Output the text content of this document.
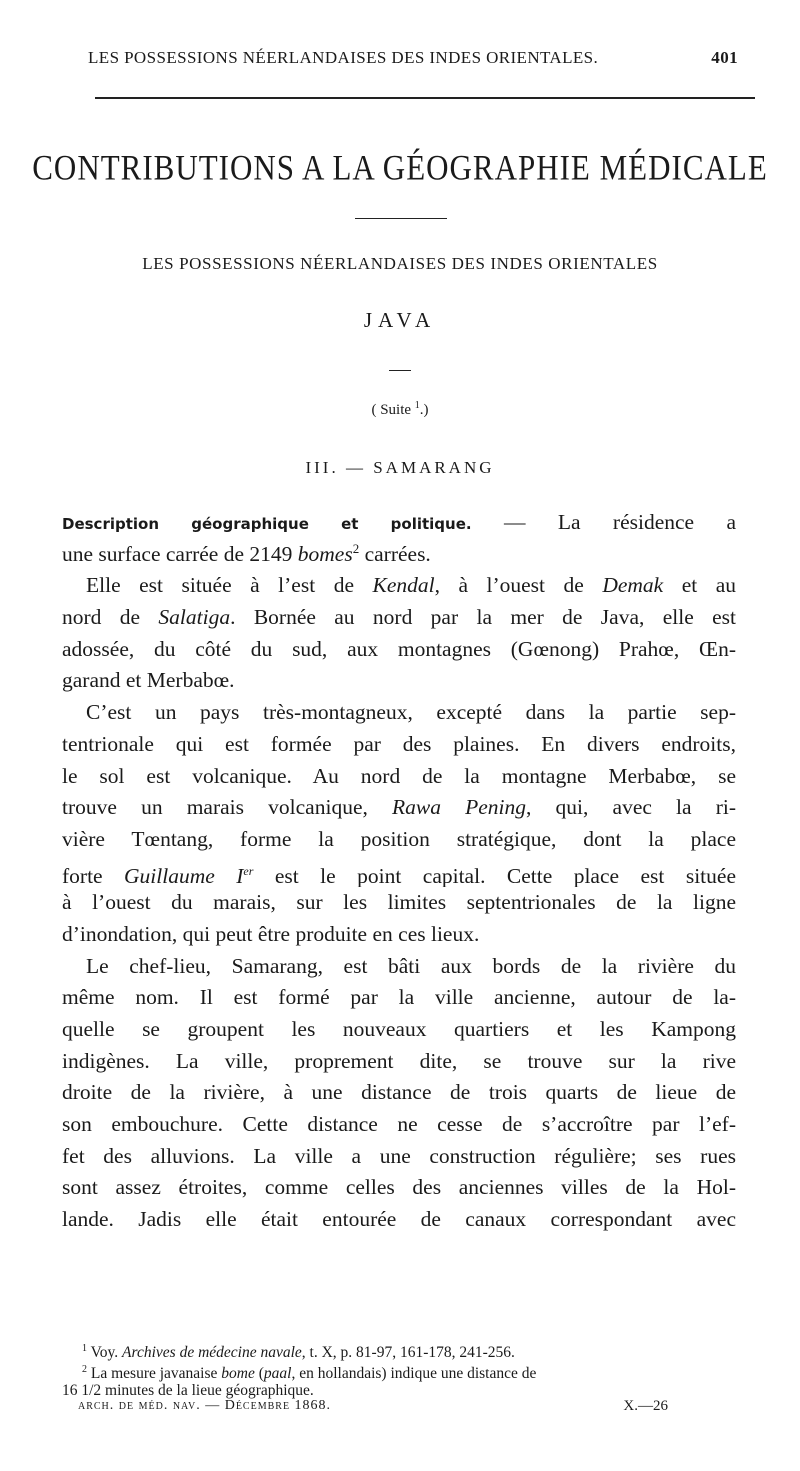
LES POSSESSIONS NÉERLANDAISES DES INDES ORIENTALES.	401
CONTRIBUTIONS A LA GÉOGRAPHIE MÉDICALE
LES POSSESSIONS NÉERLANDAISES DES INDES ORIENTALES
JAVA
( Suite $^1$.)
III. — SAMARANG
Description géographique et politique. — La résidence a
une surface carrée de 2149 bomes$^2$ carrées.
Elle est située à l’est de Kendal, à l’ouest de Demak et au
nord de Salatiga. Bornée au nord par la mer de Java, elle est
adossée, du côté du sud, aux montagnes (Gœnong) Prahœ, Œn-
garand et Merbabœ.
C’est un pays très-montagneux, excepté dans la partie sep-
tentrionale qui est formée par des plaines. En divers endroits,
le sol est volcanique. Au nord de la montagne Merbabœ, se
trouve un marais volcanique, Rawa Pening, qui, avec la ri-
vière Tœntang, forme la position stratégique, dont la place
forte Guillaume Ier est le point capital. Cette place est située
à l’ouest du marais, sur les limites septentrionales de la ligne
d’inondation, qui peut être produite en ces lieux.
Le chef-lieu, Samarang, est bâti aux bords de la rivière du
même nom. Il est formé par la ville ancienne, autour de la-
quelle se groupent les nouveaux quartiers et les Kampong
indigènes. La ville, proprement dite, se trouve sur la rive
droite de la rivière, à une distance de trois quarts de lieue de
son embouchure. Cette distance ne cesse de s’accroître par l’ef-
fet des alluvions. La ville a une construction régulière; ses rues
sont assez étroites, comme celles des anciennes villes de la Hol-
lande. Jadis elle était entourée de canaux correspondant avec
$^1$ Voy. Archives de médecine navale, t. X, p. 81-97, 161-178, 241-256.
$^2$ La mesure javanaise bome (paal, en hollandais) indique une distance de
16 1/2 minutes de la lieue géographique.
arch. de méd. nav. — Décembre 1868.	X.—26
